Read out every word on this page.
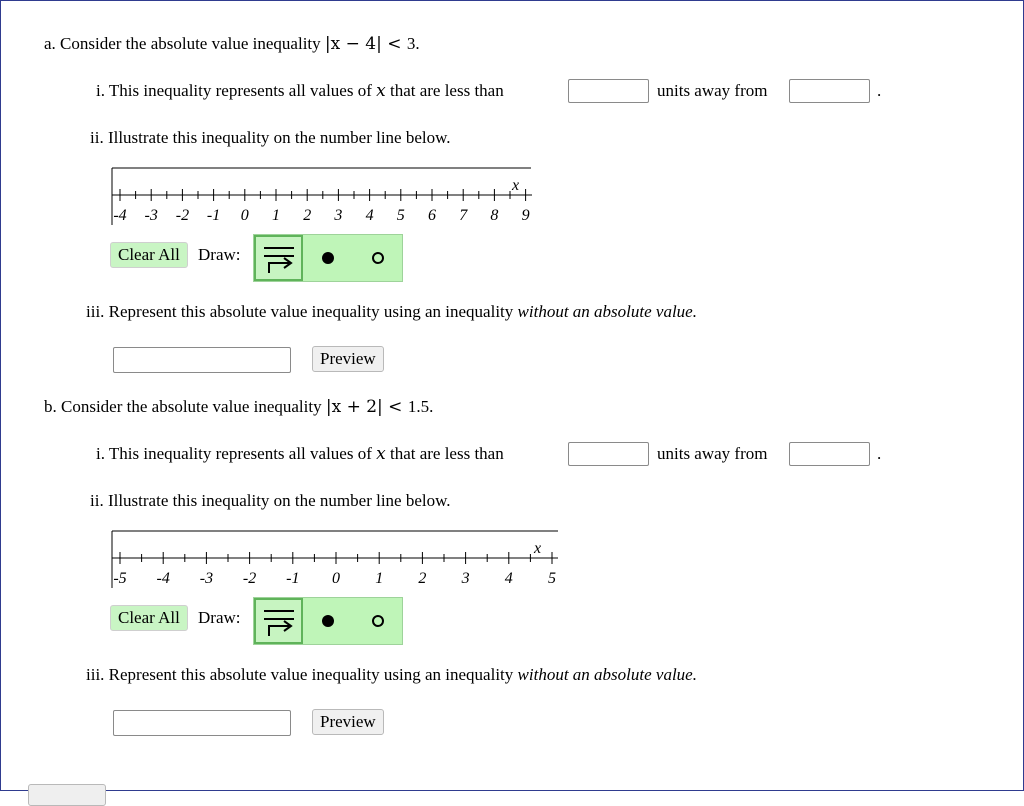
a. Consider the absolute value inequality |x − 4| < 3.
i. This inequality represents all values of x that are less than	units away from	.
ii. Illustrate this inequality on the number line below.
x
-4 -3 -2 -1 0 1 2 3 4 5 6 7 8 9
Clear All	Draw:
iii. Represent this absolute value inequality using an inequality without an absolute value.
Preview
b. Consider the absolute value inequality |x + 2| < 1.5.
i. This inequality represents all values of x that are less than	units away from	.
ii. Illustrate this inequality on the number line below.
x
-5 -4 -3 -2 -1 0 1 2 3 4 5
Clear All	Draw:
iii. Represent this absolute value inequality using an inequality without an absolute value.
Preview
